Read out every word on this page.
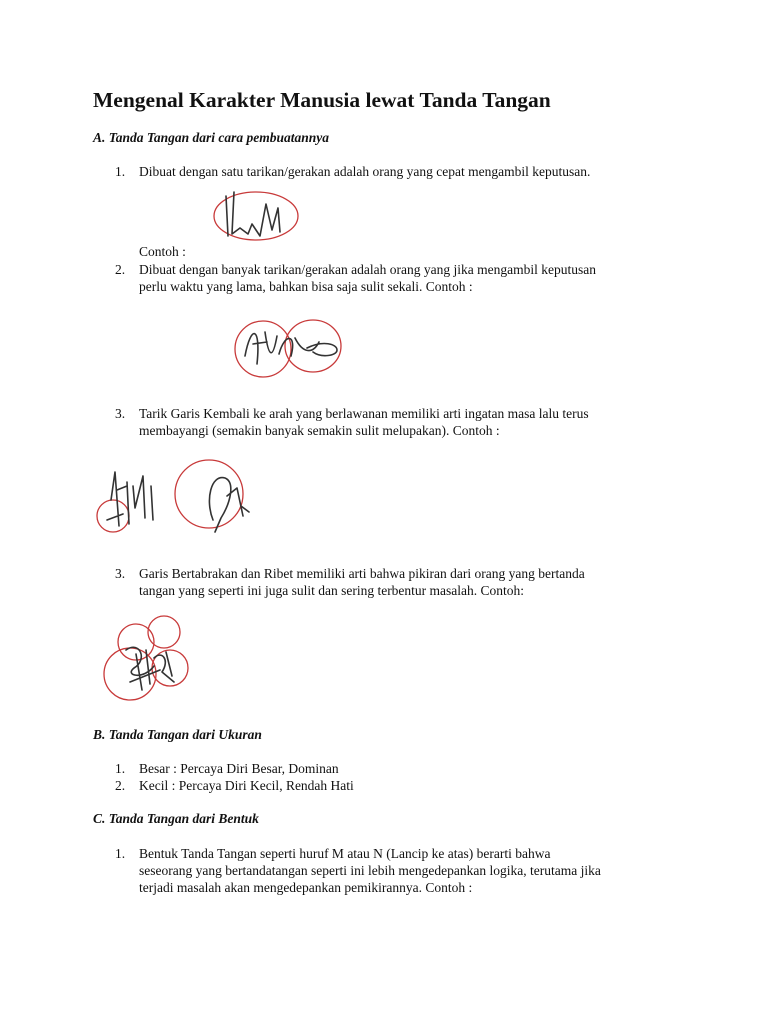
Mengenal Karakter Manusia lewat Tanda Tangan
A. Tanda Tangan dari cara pembuatannya
1. Dibuat dengan satu tarikan/gerakan adalah orang yang cepat mengambil keputusan.
Contoh :
2. Dibuat dengan banyak tarikan/gerakan adalah orang yang jika mengambil keputusan
perlu waktu yang lama, bahkan bisa saja sulit sekali. Contoh :
3. Tarik Garis Kembali ke arah yang berlawanan memiliki arti ingatan masa lalu terus
membayangi (semakin banyak semakin sulit melupakan). Contoh :
3. Garis Bertabrakan dan Ribet memiliki arti bahwa pikiran dari orang yang bertanda
tangan yang seperti ini juga sulit dan sering terbentur masalah. Contoh:
B. Tanda Tangan dari Ukuran
1. Besar : Percaya Diri Besar, Dominan
2. Kecil : Percaya Diri Kecil, Rendah Hati
C. Tanda Tangan dari Bentuk
1. Bentuk Tanda Tangan seperti huruf M atau N (Lancip ke atas) berarti bahwa
seseorang yang bertandatangan seperti ini lebih mengedepankan logika, terutama jika
terjadi masalah akan mengedepankan pemikirannya. Contoh :
